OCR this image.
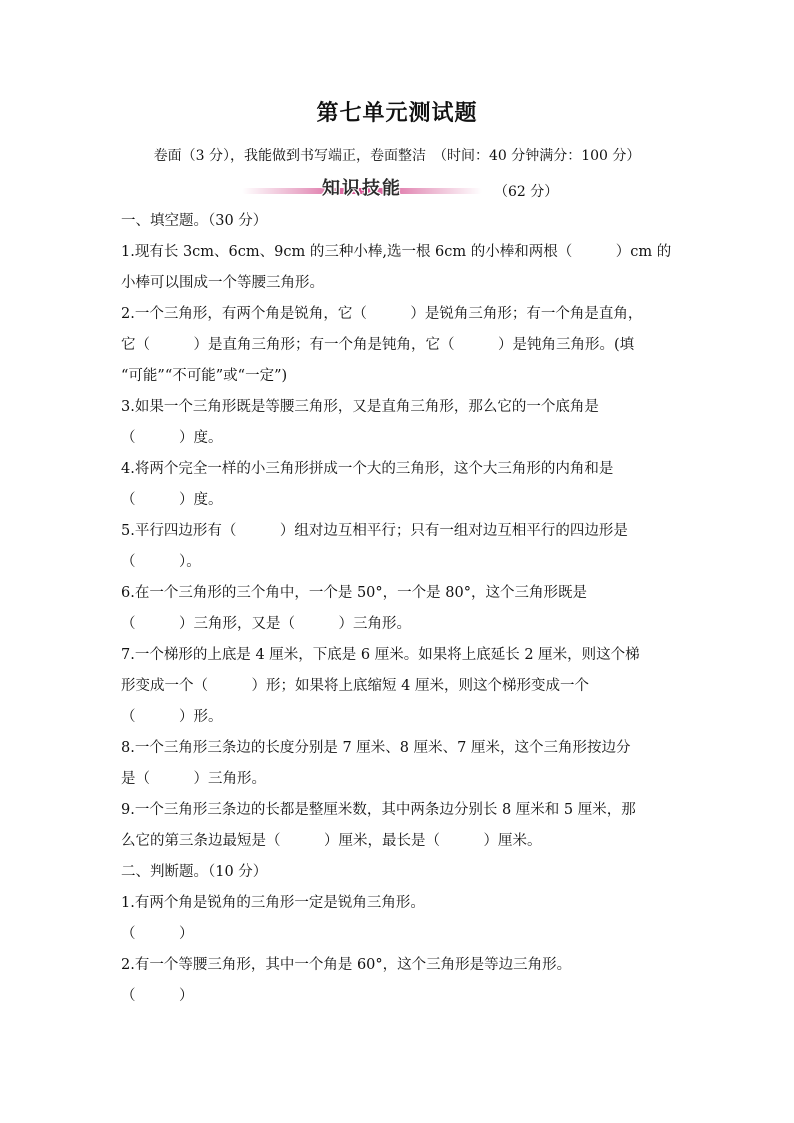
第七单元测试题
卷面（3 分），我能做到书写端正，卷面整洁　（时间：40 分钟满分：100 分）
知识技能	（62 分）
一、填空题。（30 分）
1.现有长 3cm、6cm、9cm 的三种小棒,选一根 6cm 的小棒和两根（　　　）cm 的
小棒可以围成一个等腰三角形。
2.一个三角形，有两个角是锐角，它（　　　）是锐角三角形；有一个角是直角，
它（　　　）是直角三角形；有一个角是钝角，它（　　　）是钝角三角形。(填
“可能”“不可能”或“一定”)
3.如果一个三角形既是等腰三角形，又是直角三角形，那么它的一个底角是
（　　　）度。
4.将两个完全一样的小三角形拼成一个大的三角形，这个大三角形的内角和是
（　　　）度。
5.平行四边形有（　　　）组对边互相平行；只有一组对边互相平行的四边形是
（　　　）。
6.在一个三角形的三个角中，一个是 50°，一个是 80°，这个三角形既是
（　　　）三角形，又是（　　　）三角形。
7.一个梯形的上底是 4 厘米，下底是 6 厘米。如果将上底延长 2 厘米，则这个梯
形变成一个（　　　）形；如果将上底缩短 4 厘米，则这个梯形变成一个
（　　　）形。
8.一个三角形三条边的长度分别是 7 厘米、8 厘米、7 厘米，这个三角形按边分
是（　　　）三角形。
9.一个三角形三条边的长都是整厘米数，其中两条边分别长 8 厘米和 5 厘米，那
么它的第三条边最短是（　　　）厘米，最长是（　　　）厘米。
二、判断题。（10 分）
1.有两个角是锐角的三角形一定是锐角三角形。
（　　　）
2.有一个等腰三角形，其中一个角是 60°，这个三角形是等边三角形。
（　　　）
